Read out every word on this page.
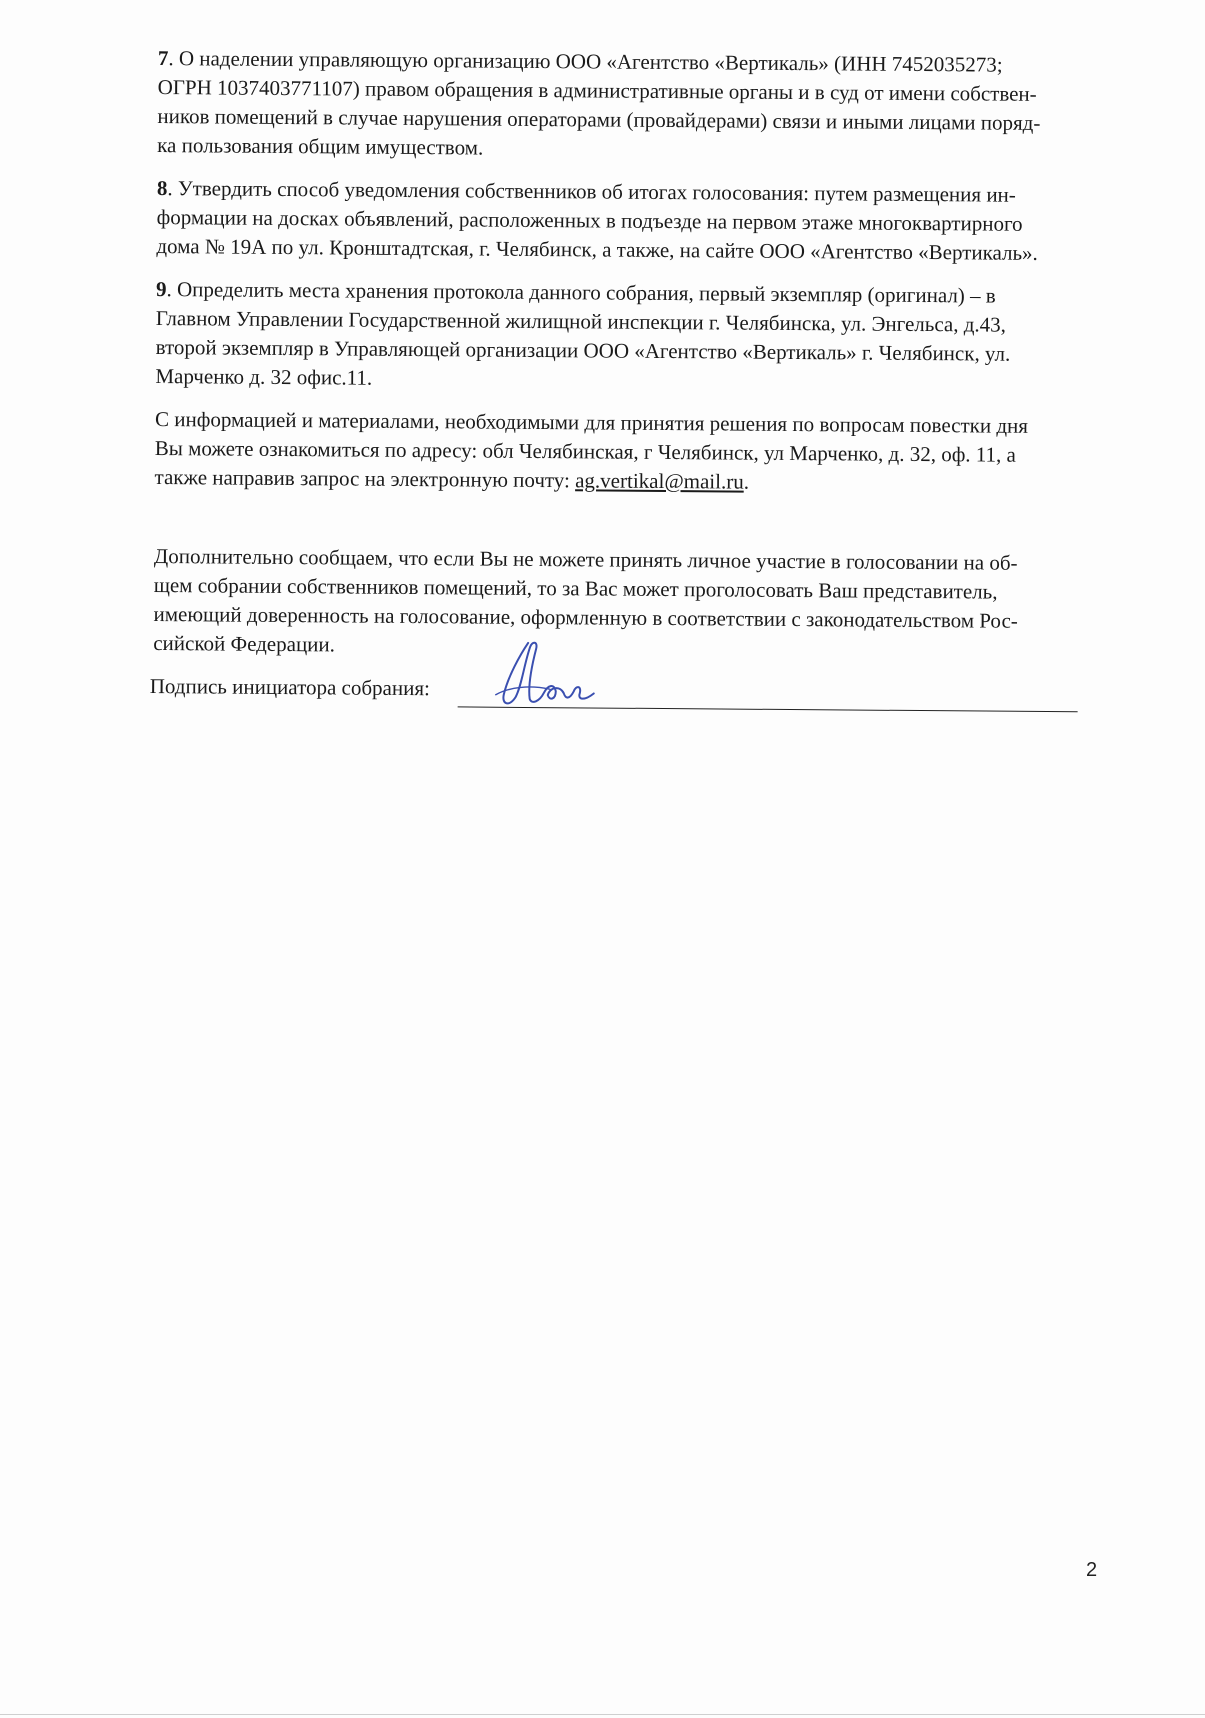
7. О наделении управляющую организацию ООО «Агентство «Вертикаль» (ИНН 7452035273;
ОГРН 1037403771107) правом обращения в административные органы и в суд от имени собствен-
ников помещений в случае нарушения операторами (провайдерами) связи и иными лицами поряд-
ка пользования общим имуществом.

8. Утвердить способ уведомления собственников об итогах голосования: путем размещения ин-
формации на досках объявлений, расположенных в подъезде на первом этаже многоквартирного
дома № 19А по ул. Кронштадтская, г. Челябинск, а также, на сайте ООО «Агентство «Вертикаль».

9. Определить места хранения протокола данного собрания, первый экземпляр (оригинал) – в
Главном Управлении Государственной жилищной инспекции г. Челябинска, ул. Энгельса, д.43,
второй экземпляр в Управляющей организации ООО «Агентство «Вертикаль» г. Челябинск, ул.
Марченко д. 32 офис.11.

С информацией и материалами, необходимыми для принятия решения по вопросам повестки дня
Вы можете ознакомиться по адресу: обл Челябинская, г Челябинск, ул Марченко, д. 32, оф. 11, а
также направив запрос на электронную почту: ag.vertikal@mail.ru.

Дополнительно сообщаем, что если Вы не можете принять личное участие в голосовании на об-
щем собрании собственников помещений, то за Вас может проголосовать Ваш представитель,
имеющий доверенность на голосование, оформленную в соответствии с законодательством Рос-
сийской Федерации.

Подпись инициатора собрания:
2
